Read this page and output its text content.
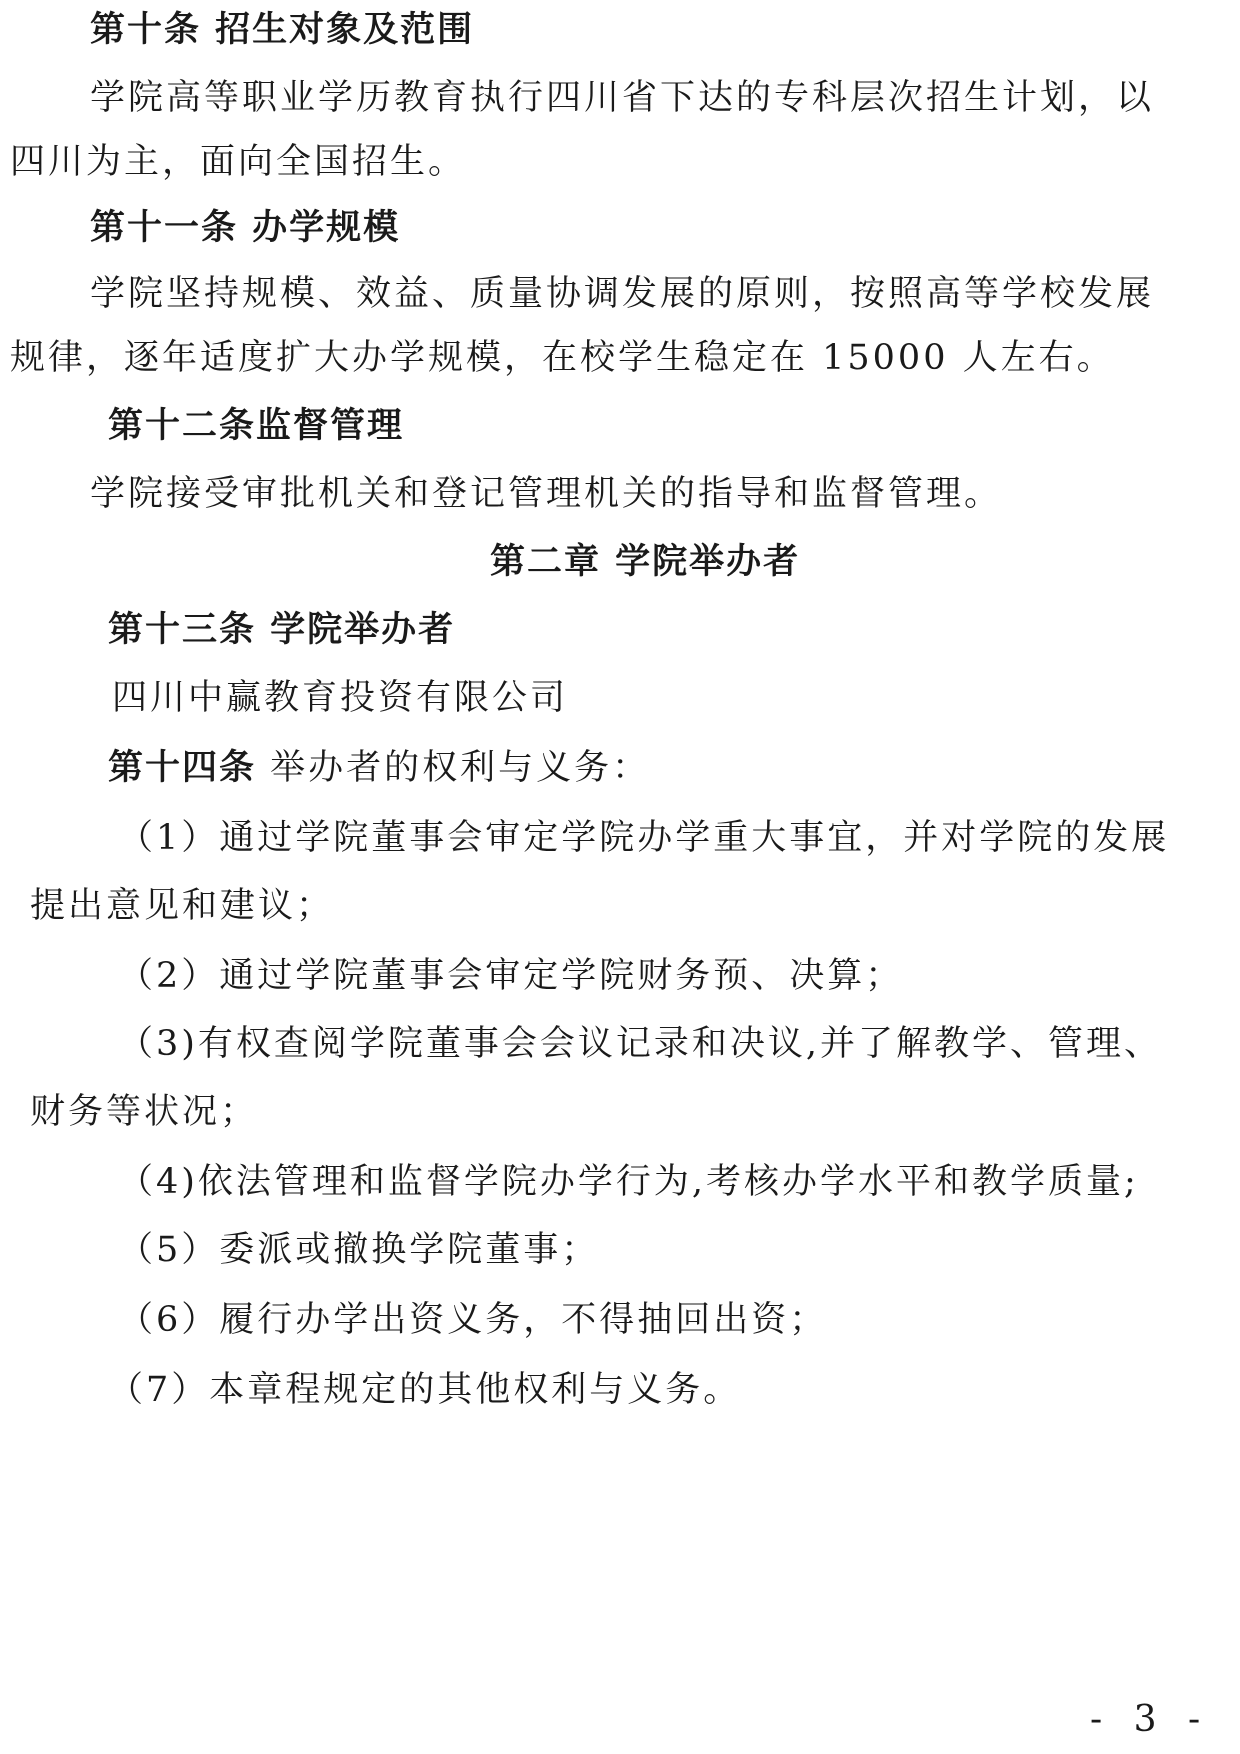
第十条 招生对象及范围
学院高等职业学历教育执行四川省下达的专科层次招生计划，以
四川为主，面向全国招生。
第十一条 办学规模
学院坚持规模、效益、质量协调发展的原则，按照高等学校发展
规律，逐年适度扩大办学规模，在校学生稳定在 15000 人左右。
第十二条监督管理
学院接受审批机关和登记管理机关的指导和监督管理。
第二章 学院举办者
第十三条 学院举办者
四川中赢教育投资有限公司
第十四条 举办者的权利与义务：
（1）通过学院董事会审定学院办学重大事宜，并对学院的发展
提出意见和建议；
（2）通过学院董事会审定学院财务预、决算；
（3)有权查阅学院董事会会议记录和决议,并了解教学、管理、
财务等状况；
（4)依法管理和监督学院办学行为,考核办学水平和教学质量;
（5）委派或撤换学院董事；
（6）履行办学出资义务，不得抽回出资；
（7）本章程规定的其他权利与义务。
- 3 -
